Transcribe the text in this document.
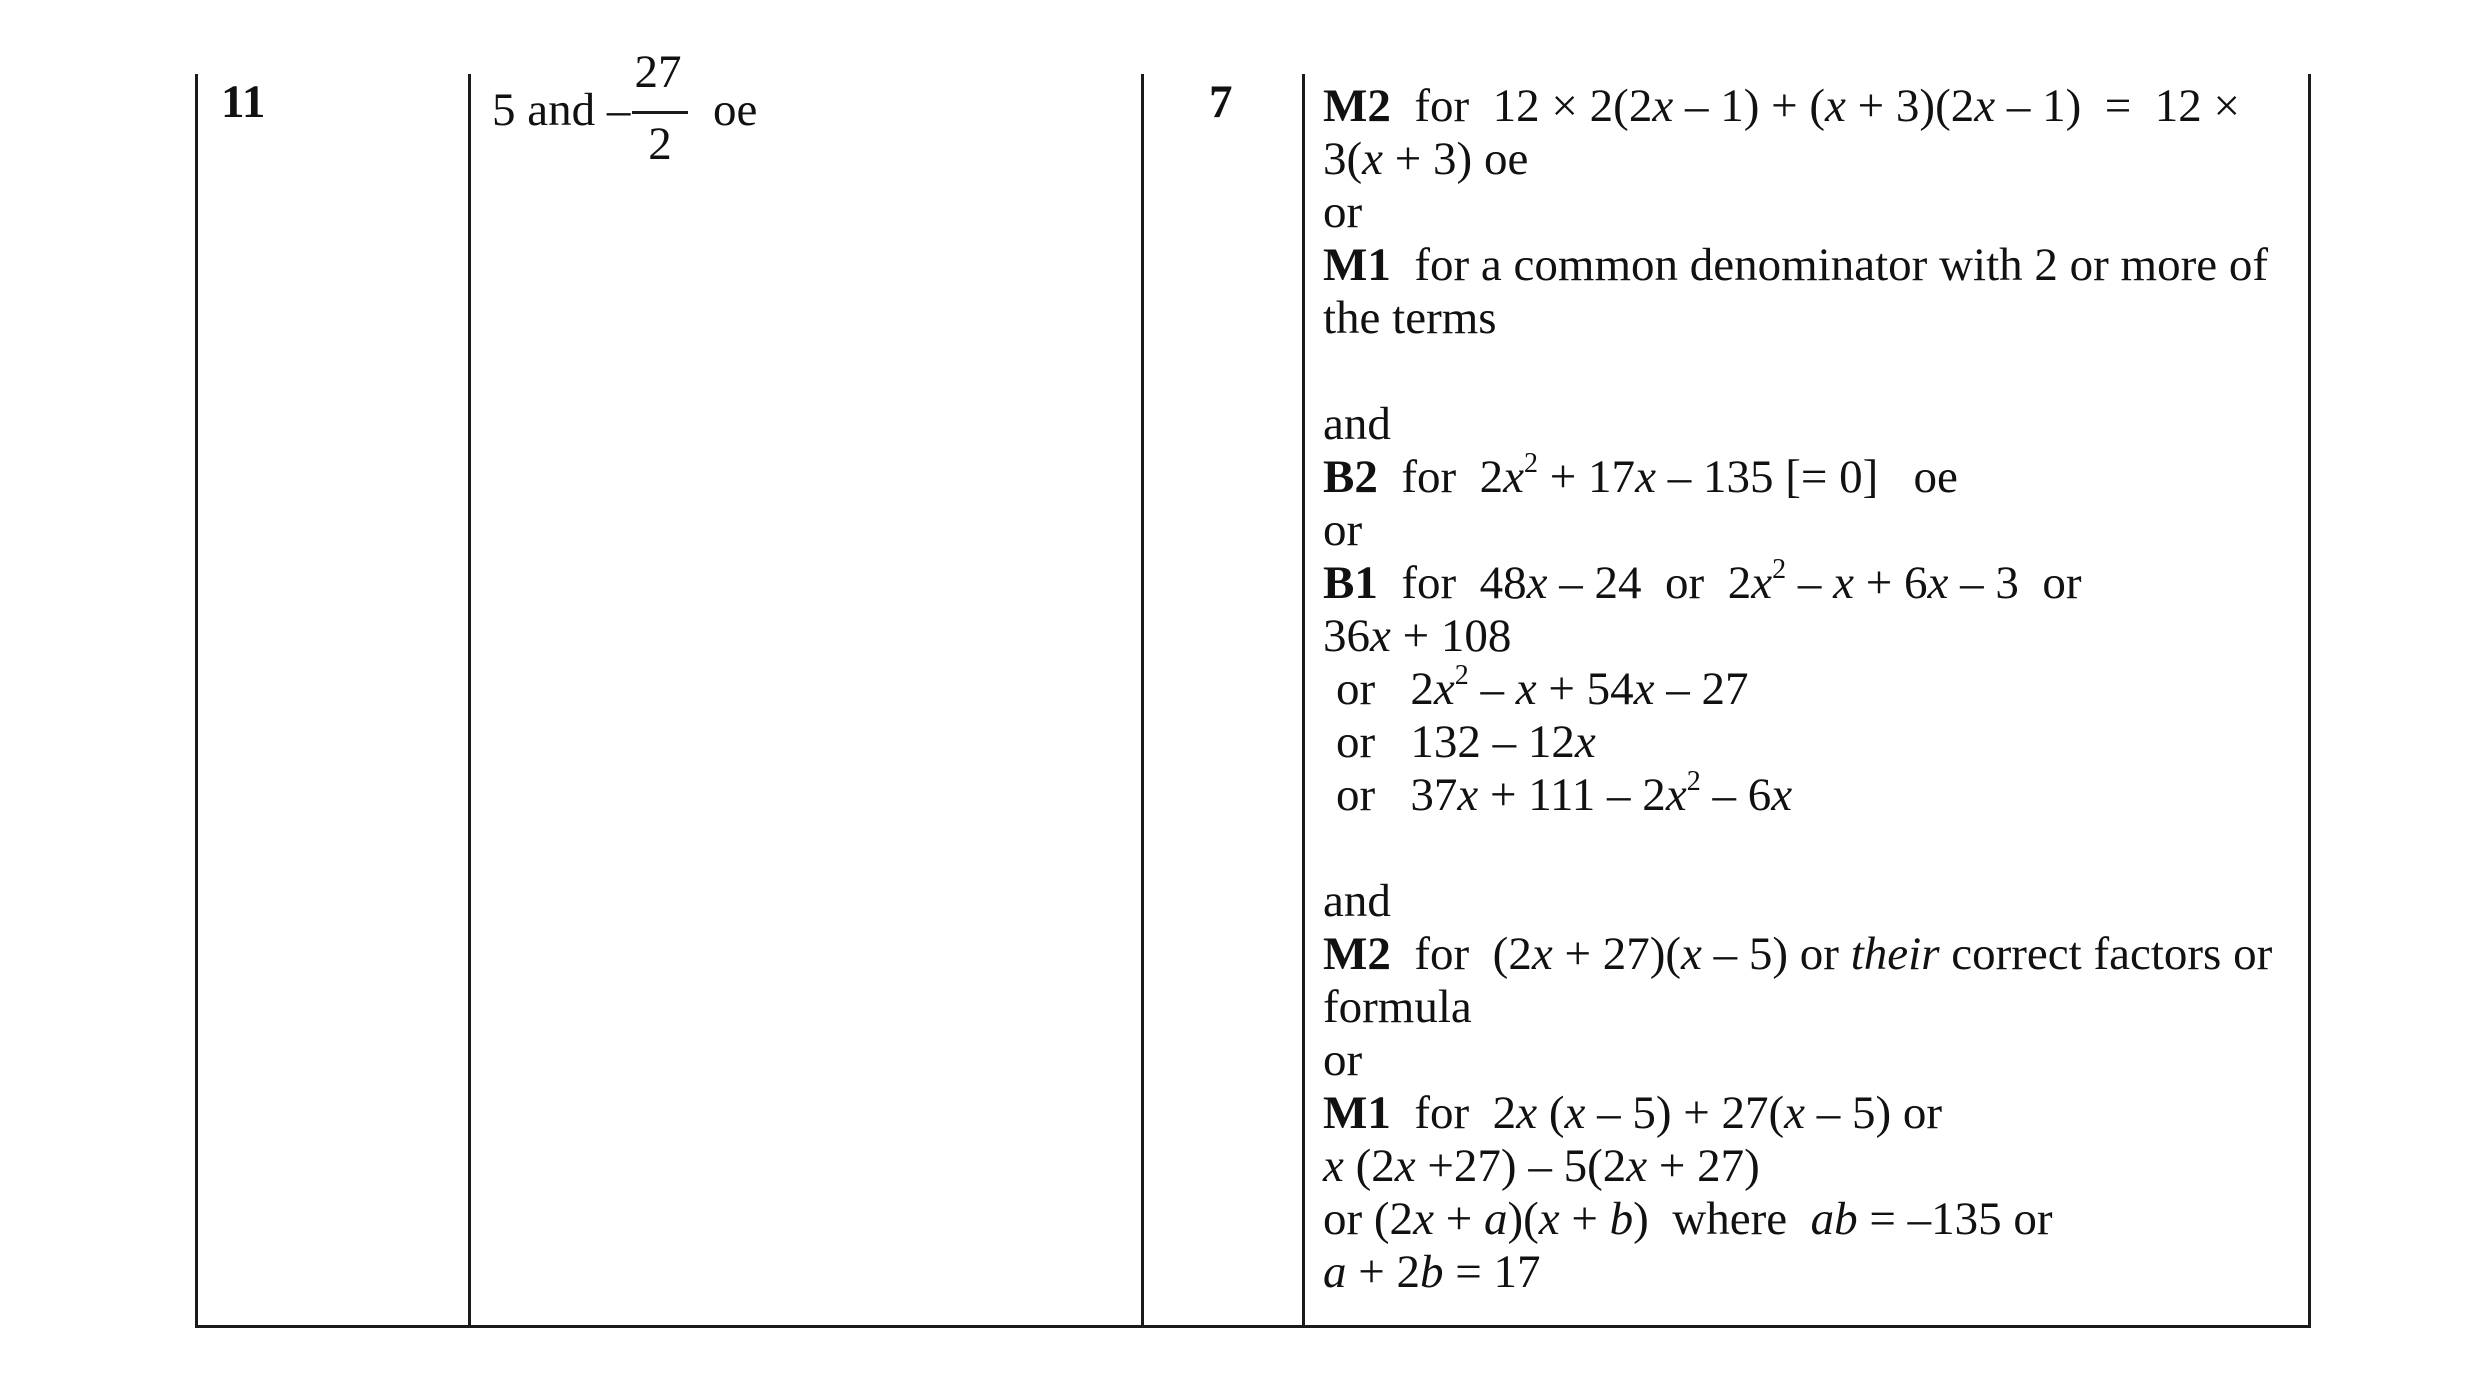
11	5 and –
27
2
oe	7 M2 for  12 × 2(2x – 1) + (x + 3)(2x – 1)  =  12 ×
3(x + 3) oe
or
M1 for a common denominator with 2 or more of
the terms
and
B2 for  $2x^2 + 17x - 135$ [= 0]   oe
or
B1 for  48x – 24  or  $2x^2 - x + 6x - 3$  or
36x + 108
or   $2x^2 - x + 54x - 27$
or   132 – 12x
or   $37x + 111 - 2x^2 - 6x$
and
M2 for  (2x + 27)(x – 5) or their correct factors or
formula
or
M1 for  2x (x – 5) + 27(x – 5) or
x (2x +27) – 5(2x + 27)
or (2x + a)(x + b)  where  ab = –135 or
a + 2b = 17
